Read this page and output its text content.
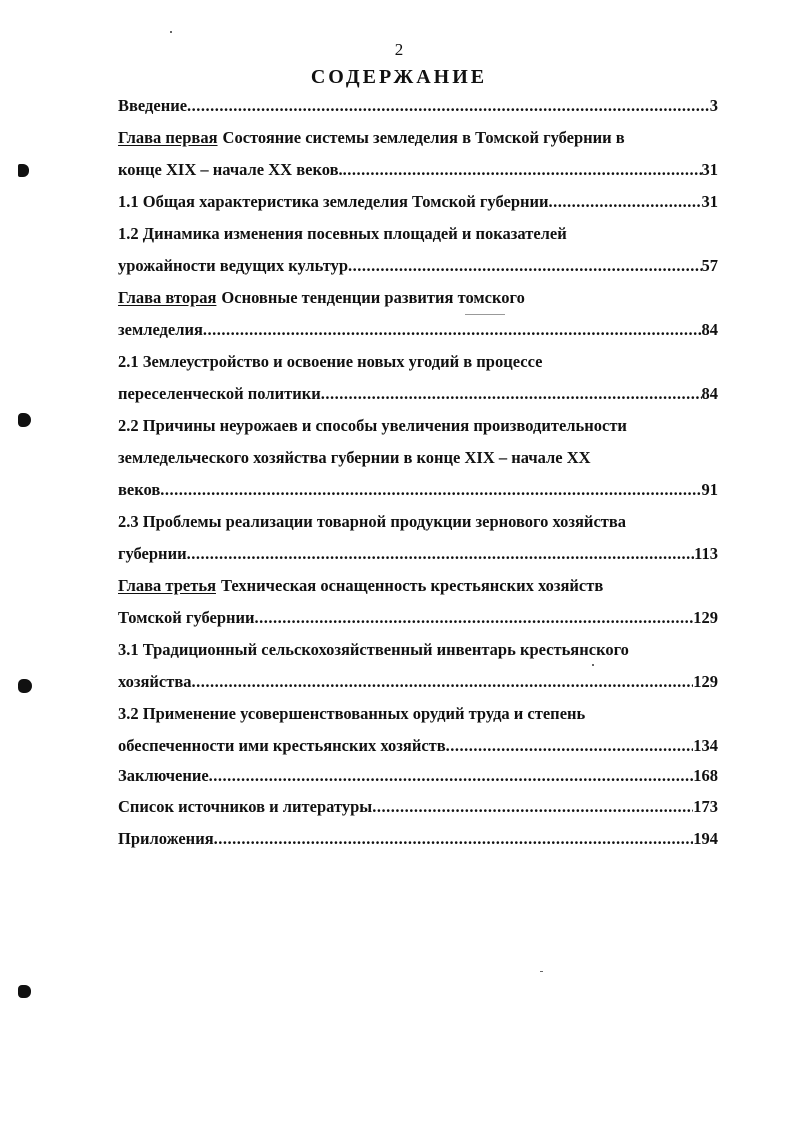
2
СОДЕРЖАНИЕ
Введение .....	3
Глава первая Состояние системы земледелия в Томской губернии в
конце XIX – начале XX веков. .....	31
1.1 Общая характеристика земледелия Томской губернии .....	31
1.2 Динамика изменения посевных площадей и показателей
урожайности ведущих культур .....	57
Глава вторая Основные тенденции развития томского
земледелия .....	84
2.1 Землеустройство и освоение новых угодий в процессе
переселенческой политики .....	84
2.2 Причины неурожаев и способы увеличения производительности
земледельческого хозяйства губернии в конце XIX – начале XX
веков .....	91
2.3 Проблемы реализации товарной продукции зернового хозяйства
губернии .....	113
Глава третья Техническая оснащенность крестьянских хозяйств
Томской губернии .....	129
3.1 Традиционный сельскохозяйственный инвентарь крестьянского
хозяйства .....	129
3.2 Применение усовершенствованных орудий труда и степень
обеспеченности ими крестьянских хозяйств .....	134
Заключение .....	168
Список источников и литературы .....	173
Приложения .....	194
